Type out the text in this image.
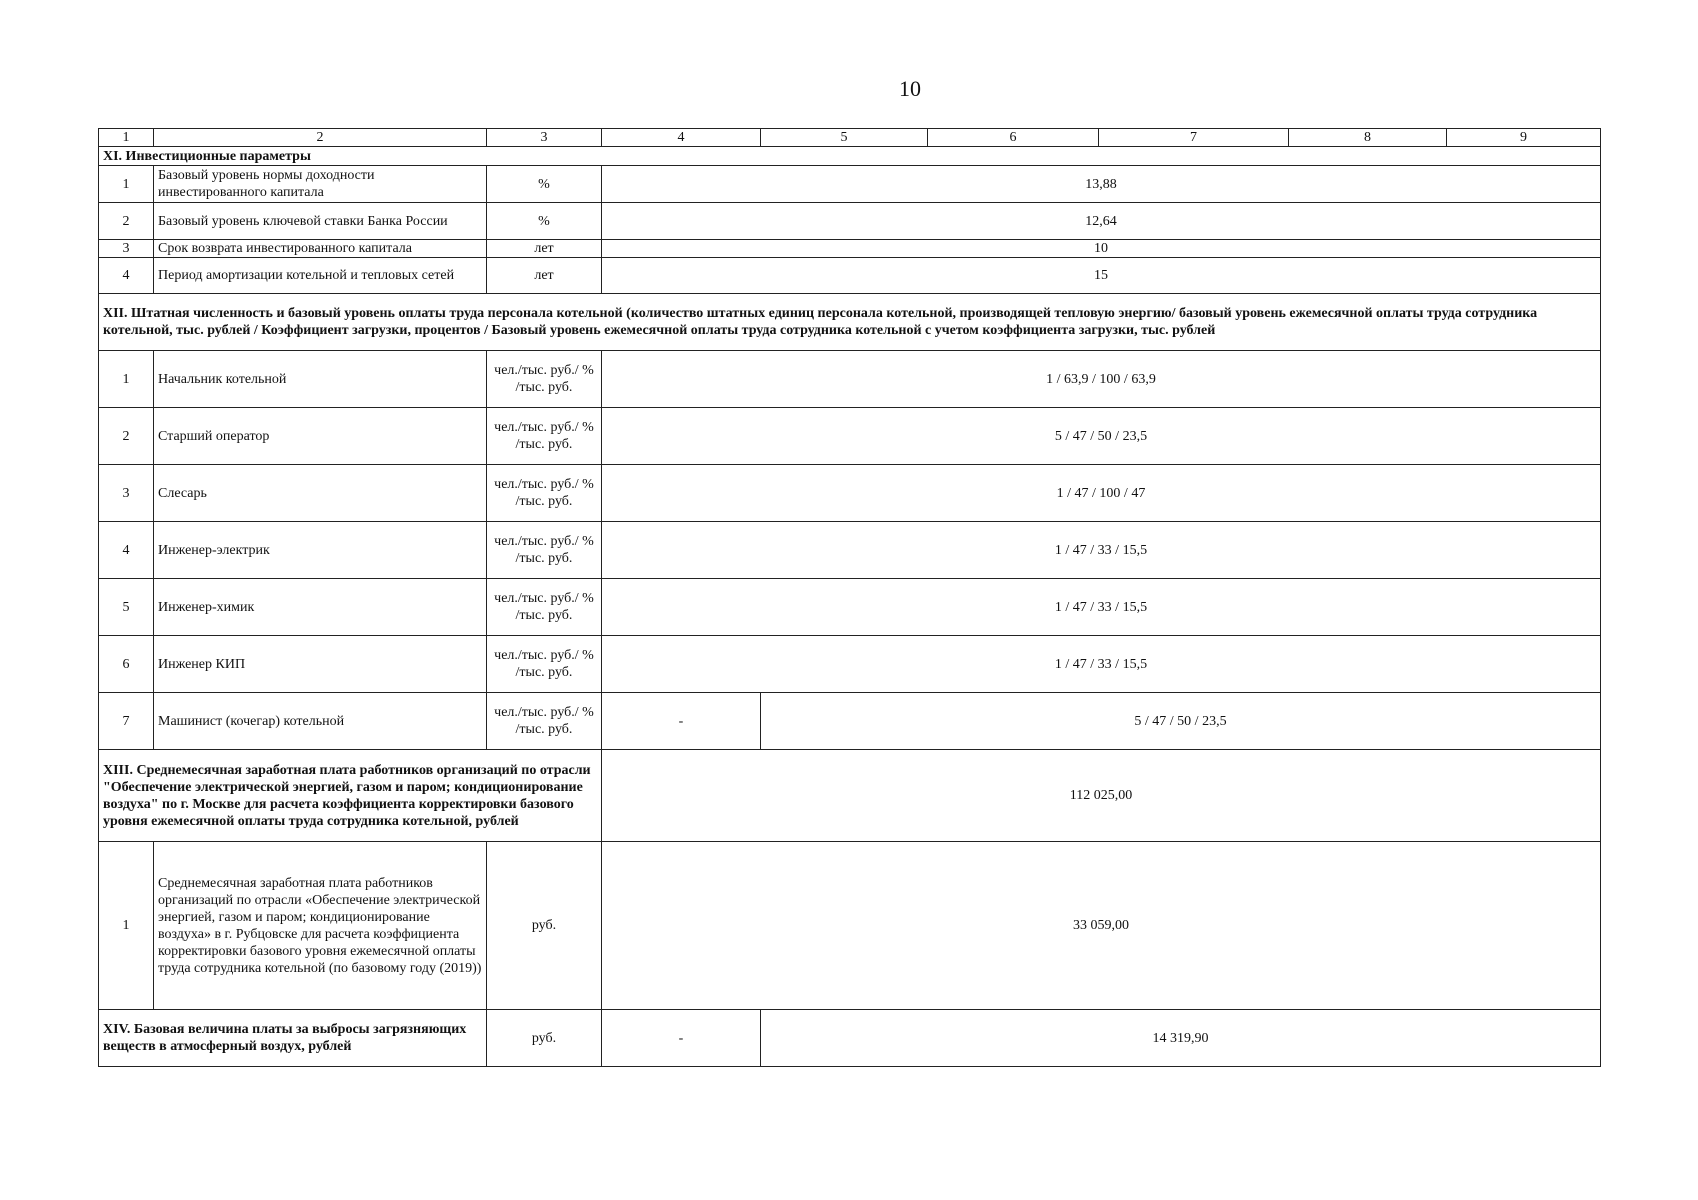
10
1	2	3	4	5	6	7	8	9
XI. Инвестиционные параметры								
1	Базовый уровень нормы доходности инвестированного капитала	%	13,88					
2	Базовый уровень ключевой ставки Банка России	%	12,64					
3	Срок возврата инвестированного капитала	лет	10					
4	Период амортизации котельной и тепловых сетей	лет	15					
XII. Штатная численность и базовый уровень оплаты труда персонала котельной (количество штатных единиц персонала котельной, производящей тепловую энергию/ базовый уровень ежемесячной оплаты труда сотрудника котельной, тыс. рублей / Коэффициент загрузки, процентов / Базовый уровень ежемесячной оплаты труда сотрудника котельной с учетом коэффициента загрузки, тыс. рублей								
1	Начальник котельной	чел./тыс. руб./ % /тыс. руб.	1 / 63,9 / 100 / 63,9					
2	Старший оператор	чел./тыс. руб./ % /тыс. руб.	5 / 47 / 50 / 23,5					
3	Слесарь	чел./тыс. руб./ % /тыс. руб.	1 / 47 / 100 / 47					
4	Инженер-электрик	чел./тыс. руб./ % /тыс. руб.	1 / 47 / 33 / 15,5					
5	Инженер-химик	чел./тыс. руб./ % /тыс. руб.	1 / 47 / 33 / 15,5					
6	Инженер КИП	чел./тыс. руб./ % /тыс. руб.	1 / 47 / 33 / 15,5					
7	Машинист (кочегар) котельной	чел./тыс. руб./ % /тыс. руб.	-	5 / 47 / 50 / 23,5				
XIII. Среднемесячная заработная плата работников организаций по отрасли "Обеспечение электрической энергией, газом и паром; кондиционирование воздуха" по г. Москве для расчета коэффициента корректировки базового уровня ежемесячной оплаты труда сотрудника котельной, рублей			112 025,00					
1	Среднемесячная заработная плата работников организаций по отрасли «Обеспечение электрической энергией, газом и паром; кондиционирование воздуха» в г. Рубцовске для расчета коэффициента корректировки базового уровня ежемесячной оплаты труда сотрудника котельной (по базовому году (2019))	руб.	33 059,00					
XIV. Базовая величина платы за выбросы загрязняющих веществ в атмосферный воздух, рублей		руб.	-	14 319,90				
